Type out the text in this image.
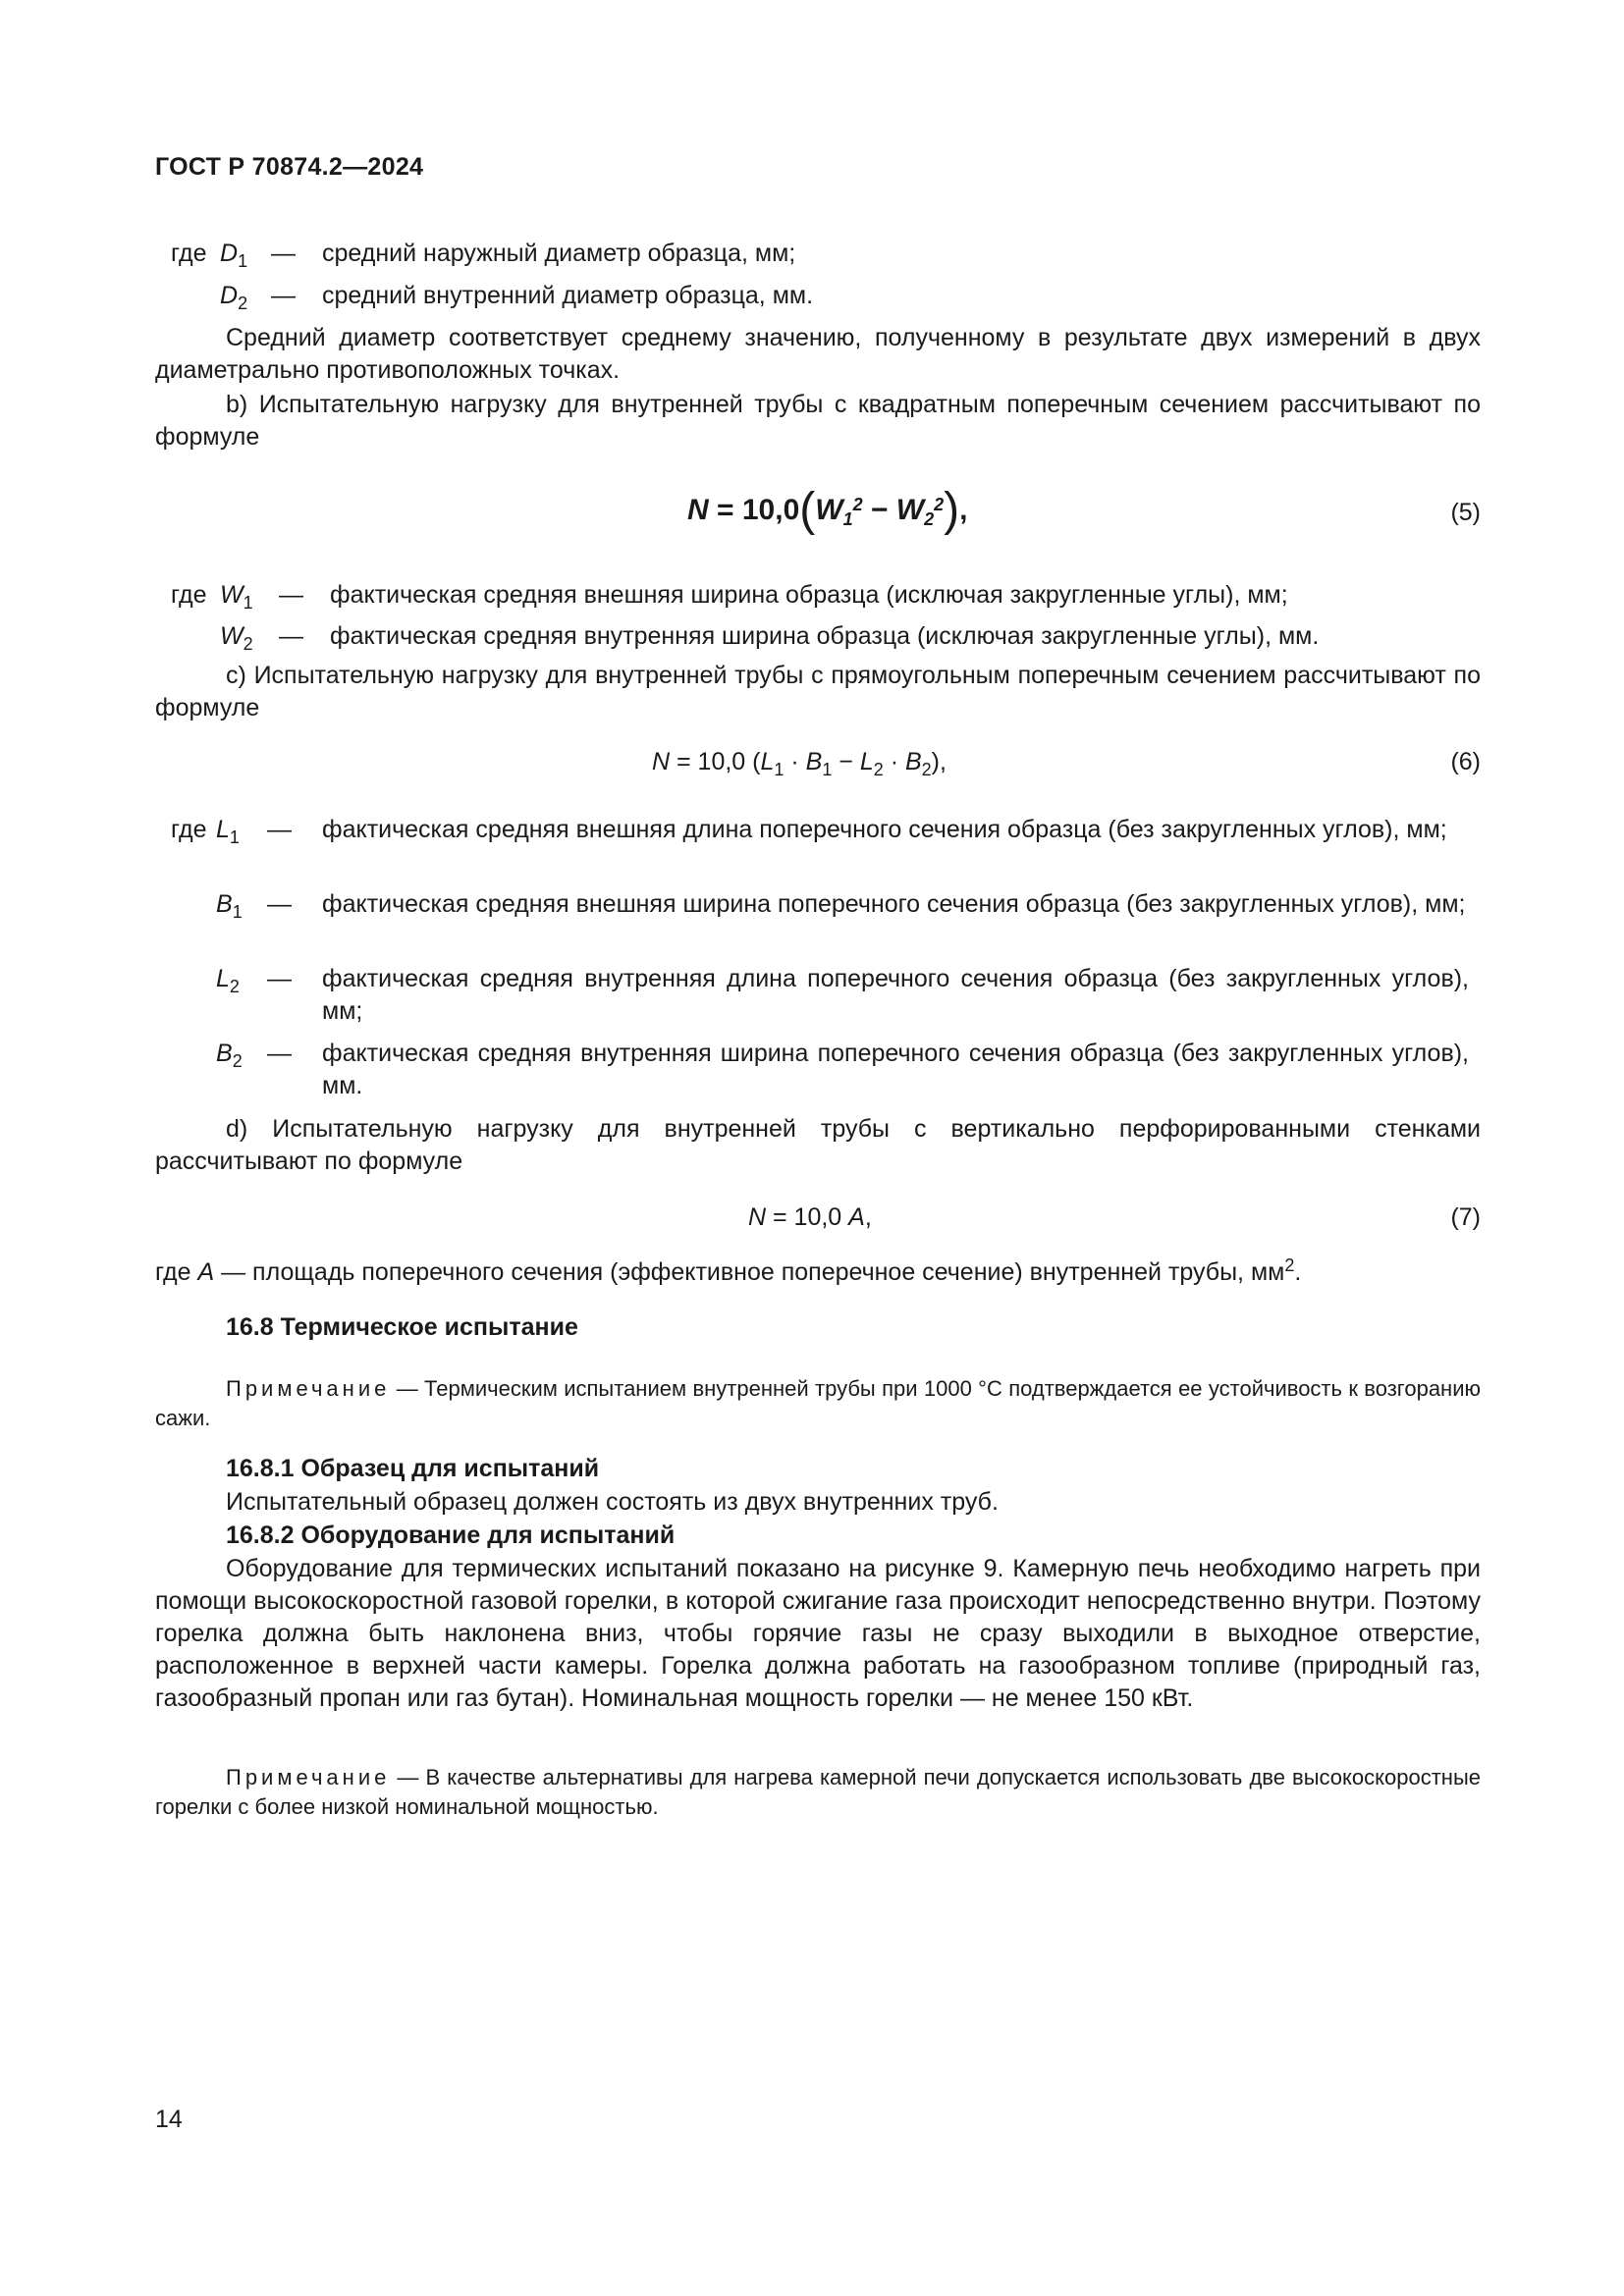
ГОСТ Р 70874.2—2024
где $D_1$ — средний наружный диаметр образца, мм;
$D_2$ — средний внутренний диаметр образца, мм.
Средний диаметр соответствует среднему значению, полученному в результате двух измерений в двух диаметрально противоположных точках.
b) Испытательную нагрузку для внутренней трубы с квадратным поперечным сечением рассчитывают по формуле
$N = 10,0(W_1^2 - W_2^2)$,	(5)
где $W_1$ — фактическая средняя внешняя ширина образца (исключая закругленные углы), мм;
$W_2$ — фактическая средняя внутренняя ширина образца (исключая закругленные углы), мм.
c) Испытательную нагрузку для внутренней трубы с прямоугольным поперечным сечением рассчитывают по формуле
N = 10,0 $(L_1 \cdot B_1 - L_2 \cdot B_2)$,	(6)
где $L_1$ — фактическая средняя внешняя длина поперечного сечения образца (без закругленных углов), мм;
$B_1$ — фактическая средняя внешняя ширина поперечного сечения образца (без закругленных углов), мм;
$L_2$ — фактическая средняя внутренняя длина поперечного сечения образца (без закругленных углов), мм;
$B_2$ — фактическая средняя внутренняя ширина поперечного сечения образца (без закругленных углов), мм.
d) Испытательную нагрузку для внутренней трубы с вертикально перфорированными стенками рассчитывают по формуле
N = 10,0 A,	(7)
где A — площадь поперечного сечения (эффективное поперечное сечение) внутренней трубы, $мм^2$.
16.8 Термическое испытание
Примечание — Термическим испытанием внутренней трубы при 1000 °C подтверждается ее устойчивость к возгоранию сажи.
16.8.1 Образец для испытаний
Испытательный образец должен состоять из двух внутренних труб.
16.8.2 Оборудование для испытаний
Оборудование для термических испытаний показано на рисунке 9. Камерную печь необходимо нагреть при помощи высокоскоростной газовой горелки, в которой сжигание газа происходит непосредственно внутри. Поэтому горелка должна быть наклонена вниз, чтобы горячие газы не сразу выходили в выходное отверстие, расположенное в верхней части камеры. Горелка должна работать на газообразном топливе (природный газ, газообразный пропан или газ бутан). Номинальная мощность горелки — не менее 150 кВт.
Примечание — В качестве альтернативы для нагрева камерной печи допускается использовать две высокоскоростные горелки с более низкой номинальной мощностью.
14
